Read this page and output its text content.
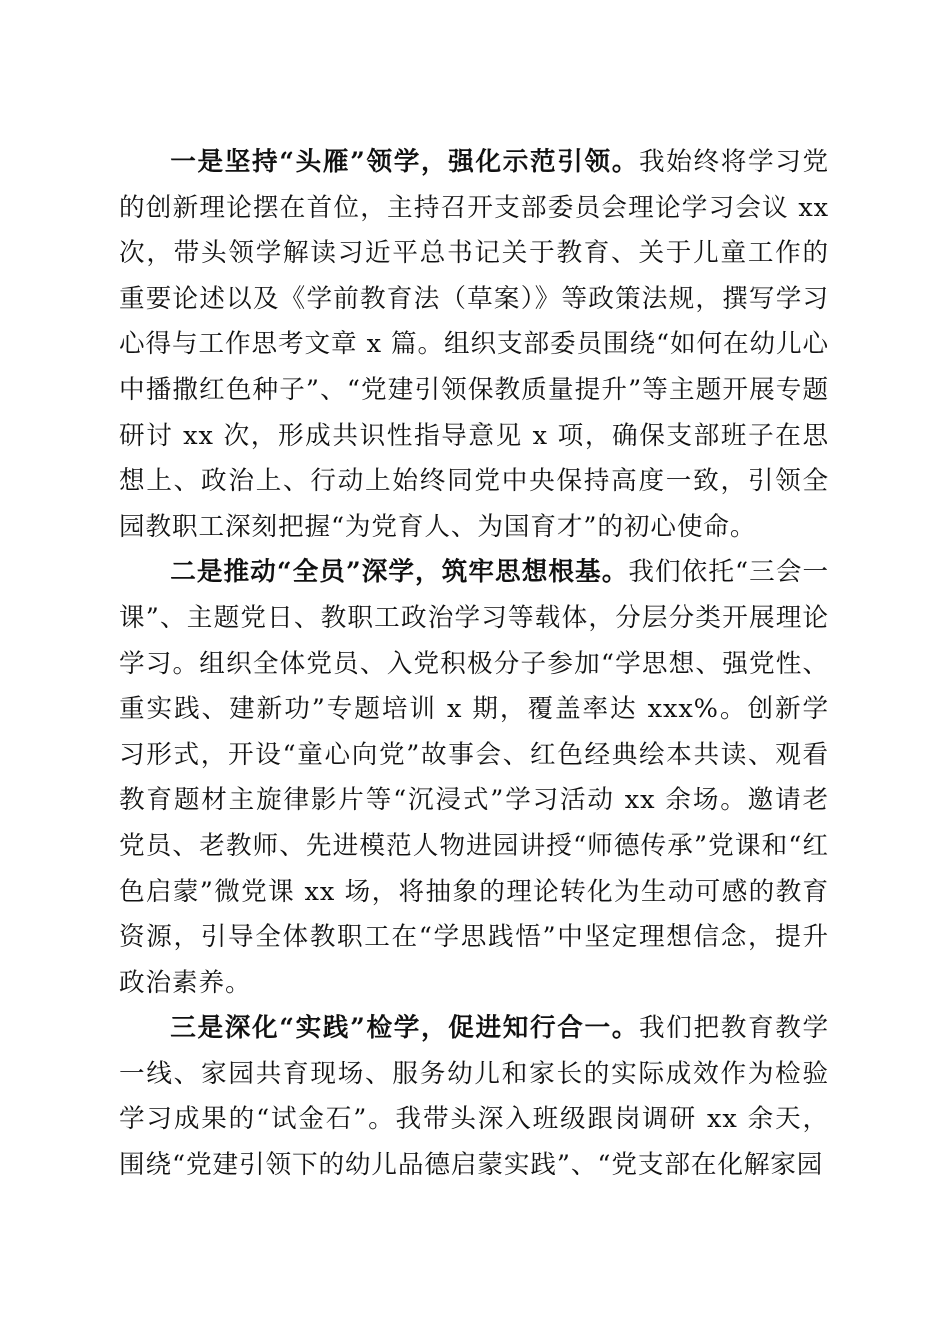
一是坚持“头雁”领学，强化示范引领。我始终将学习党的创新理论摆在首位，主持召开支部委员会理论学习会议 xx 次，带头领学解读习近平总书记关于教育、关于儿童工作的重要论述以及《学前教育法（草案）》等政策法规，撰写学习心得与工作思考文章 x 篇。组织支部委员围绕“如何在幼儿心中播撒红色种子”、“党建引领保教质量提升”等主题开展专题研讨 xx 次，形成共识性指导意见 x 项，确保支部班子在思想上、政治上、行动上始终同党中央保持高度一致，引领全园教职工深刻把握“为党育人、为国育才”的初心使命。

二是推动“全员”深学，筑牢思想根基。我们依托“三会一课”、主题党日、教职工政治学习等载体，分层分类开展理论学习。组织全体党员、入党积极分子参加“学思想、强党性、重实践、建新功”专题培训 x 期，覆盖率达 xxx%。创新学习形式，开设“童心向党”故事会、红色经典绘本共读、观看教育题材主旋律影片等“沉浸式”学习活动 xx 余场。邀请老党员、老教师、先进模范人物进园讲授“师德传承”党课和“红色启蒙”微党课 xx 场，将抽象的理论转化为生动可感的教育资源，引导全体教职工在“学思践悟”中坚定理想信念，提升政治素养。

三是深化“实践”检学，促进知行合一。我们把教育教学一线、家园共育现场、服务幼儿和家长的实际成效作为检验学习成果的“试金石”。我带头深入班级跟岗调研 xx 余天，围绕“党建引领下的幼儿品德启蒙实践”、“党支部在化解家园
